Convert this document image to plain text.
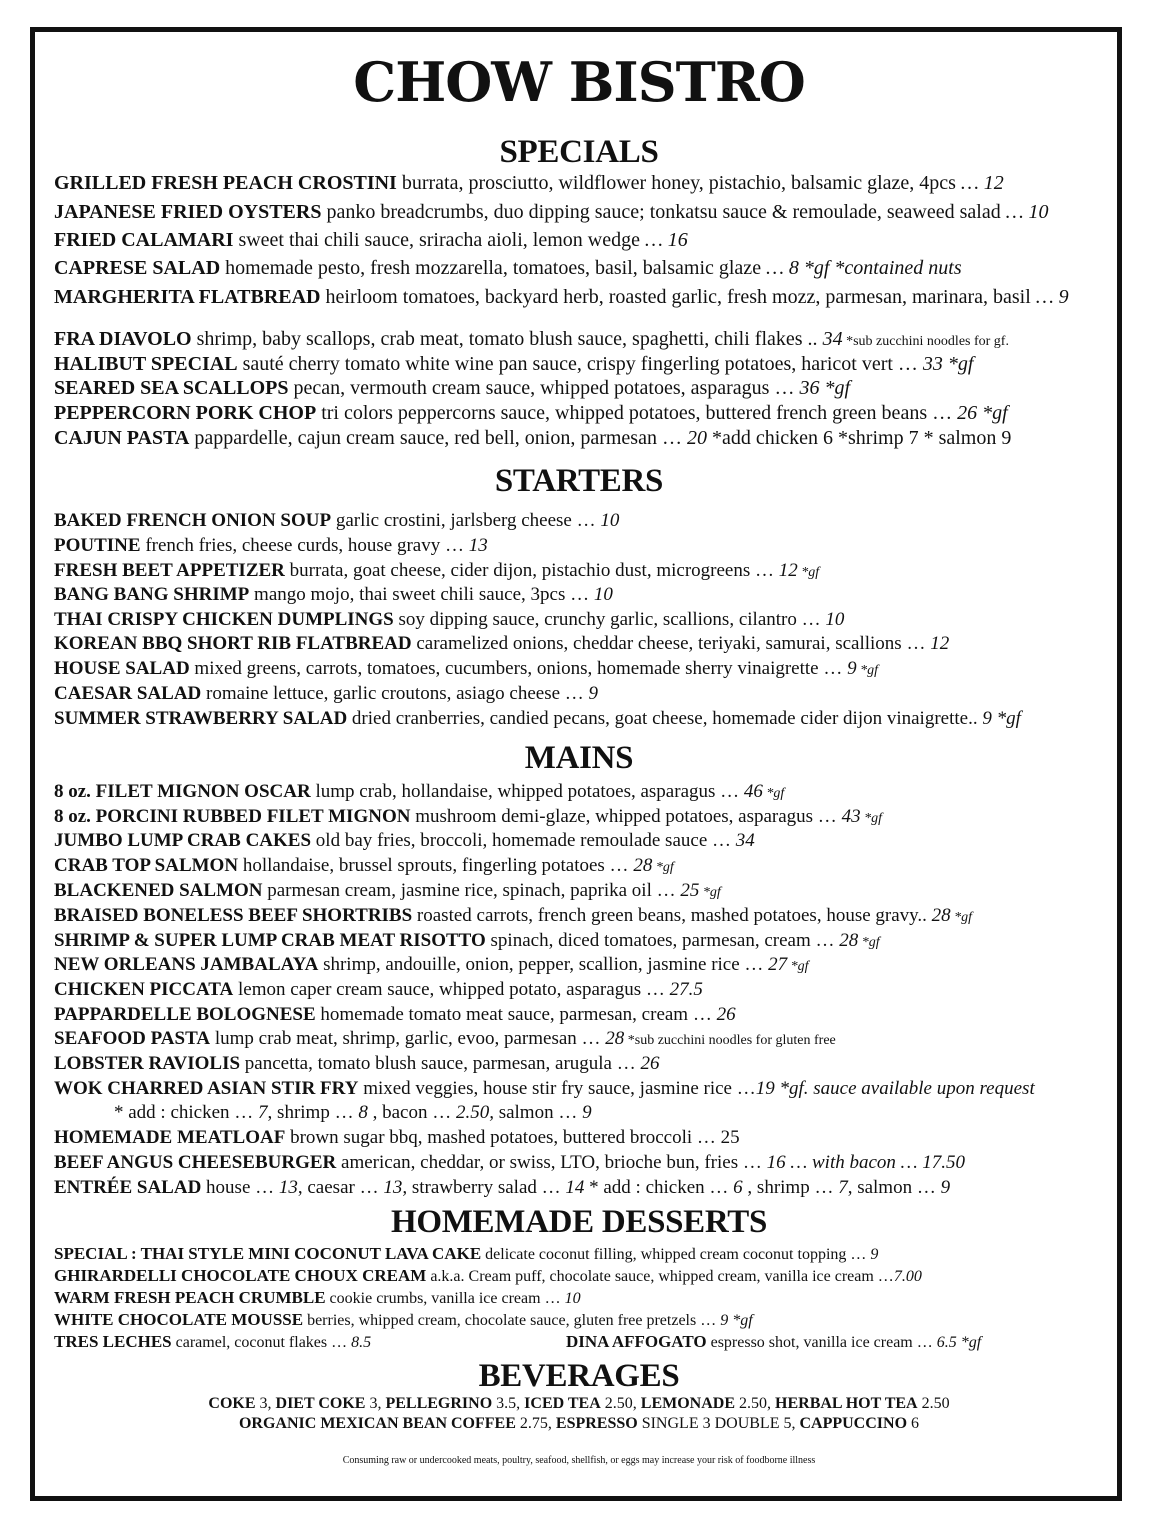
CHOW BISTRO
SPECIALS
GRILLED FRESH PEACH CROSTINI burrata, prosciutto, wildflower honey, pistachio, balsamic glaze, 4pcs … 12
JAPANESE FRIED OYSTERS panko breadcrumbs, duo dipping sauce; tonkatsu sauce & remoulade, seaweed salad … 10
FRIED CALAMARI sweet thai chili sauce, sriracha aioli, lemon wedge … 16
CAPRESE SALAD homemade pesto, fresh mozzarella, tomatoes, basil, balsamic glaze … 8 *gf *contained nuts
MARGHERITA FLATBREAD heirloom tomatoes, backyard herb, roasted garlic, fresh mozz, parmesan, marinara, basil … 9
FRA DIAVOLO shrimp, baby scallops, crab meat, tomato blush sauce, spaghetti, chili flakes .. 34 *sub zucchini noodles for gf.
HALIBUT SPECIAL sauté cherry tomato white wine pan sauce, crispy fingerling potatoes, haricot vert … 33 *gf
SEARED SEA SCALLOPS pecan, vermouth cream sauce, whipped potatoes, asparagus … 36 *gf
PEPPERCORN PORK CHOP tri colors peppercorns sauce, whipped potatoes, buttered french green beans … 26 *gf
CAJUN PASTA pappardelle, cajun cream sauce, red bell, onion, parmesan … 20 *add chicken 6 *shrimp 7 * salmon 9
STARTERS
BAKED FRENCH ONION SOUP garlic crostini, jarlsberg cheese … 10
POUTINE french fries, cheese curds, house gravy … 13
FRESH BEET APPETIZER burrata, goat cheese, cider dijon, pistachio dust, microgreens … 12 *gf
BANG BANG SHRIMP mango mojo, thai sweet chili sauce, 3pcs … 10
THAI CRISPY CHICKEN DUMPLINGS soy dipping sauce, crunchy garlic, scallions, cilantro … 10
KOREAN BBQ SHORT RIB FLATBREAD caramelized onions, cheddar cheese, teriyaki, samurai, scallions … 12
HOUSE SALAD mixed greens, carrots, tomatoes, cucumbers, onions, homemade sherry vinaigrette … 9 *gf
CAESAR SALAD romaine lettuce, garlic croutons, asiago cheese … 9
SUMMER STRAWBERRY SALAD dried cranberries, candied pecans, goat cheese, homemade cider dijon vinaigrette.. 9 *gf
MAINS
8 oz. FILET MIGNON OSCAR lump crab, hollandaise, whipped potatoes, asparagus … 46 *gf
8 oz. PORCINI RUBBED FILET MIGNON mushroom demi-glaze, whipped potatoes, asparagus … 43 *gf
JUMBO LUMP CRAB CAKES old bay fries, broccoli, homemade remoulade sauce … 34
CRAB TOP SALMON hollandaise, brussel sprouts, fingerling potatoes … 28 *gf
BLACKENED SALMON parmesan cream, jasmine rice, spinach, paprika oil … 25 *gf
BRAISED BONELESS BEEF SHORTRIBS roasted carrots, french green beans, mashed potatoes, house gravy.. 28 *gf
SHRIMP & SUPER LUMP CRAB MEAT RISOTTO spinach, diced tomatoes, parmesan, cream … 28 *gf
NEW ORLEANS JAMBALAYA shrimp, andouille, onion, pepper, scallion, jasmine rice … 27 *gf
CHICKEN PICCATA lemon caper cream sauce, whipped potato, asparagus … 27.5
PAPPARDELLE BOLOGNESE homemade tomato meat sauce, parmesan, cream … 26
SEAFOOD PASTA lump crab meat, shrimp, garlic, evoo, parmesan … 28 *sub zucchini noodles for gluten free
LOBSTER RAVIOLIS pancetta, tomato blush sauce, parmesan, arugula … 26
WOK CHARRED ASIAN STIR FRY mixed veggies, house stir fry sauce, jasmine rice …19 *gf. sauce available upon request
* add : chicken … 7, shrimp … 8 , bacon … 2.50, salmon … 9
HOMEMADE MEATLOAF brown sugar bbq, mashed potatoes, buttered broccoli … 25
BEEF ANGUS CHEESEBURGER american, cheddar, or swiss, LTO, brioche bun, fries … 16 … with bacon … 17.50
ENTRÉE SALAD house … 13, caesar … 13, strawberry salad … 14 * add : chicken … 6 , shrimp … 7, salmon … 9
HOMEMADE DESSERTS
SPECIAL : THAI STYLE MINI COCONUT LAVA CAKE delicate coconut filling, whipped cream coconut topping … 9
GHIRARDELLI CHOCOLATE CHOUX CREAM a.k.a. Cream puff, chocolate sauce, whipped cream, vanilla ice cream …7.00
WARM FRESH PEACH CRUMBLE cookie crumbs, vanilla ice cream … 10
WHITE CHOCOLATE MOUSSE berries, whipped cream, chocolate sauce, gluten free pretzels … 9 *gf
TRES LECHES caramel, coconut flakes … 8.5	DINA AFFOGATO espresso shot, vanilla ice cream … 6.5 *gf
BEVERAGES
COKE 3, DIET COKE 3, PELLEGRINO 3.5, ICED TEA 2.50, LEMONADE 2.50, HERBAL HOT TEA 2.50
ORGANIC MEXICAN BEAN COFFEE 2.75, ESPRESSO SINGLE 3 DOUBLE 5, CAPPUCCINO 6
Consuming raw or undercooked meats, poultry, seafood, shellfish, or eggs may increase your risk of foodborne illness
